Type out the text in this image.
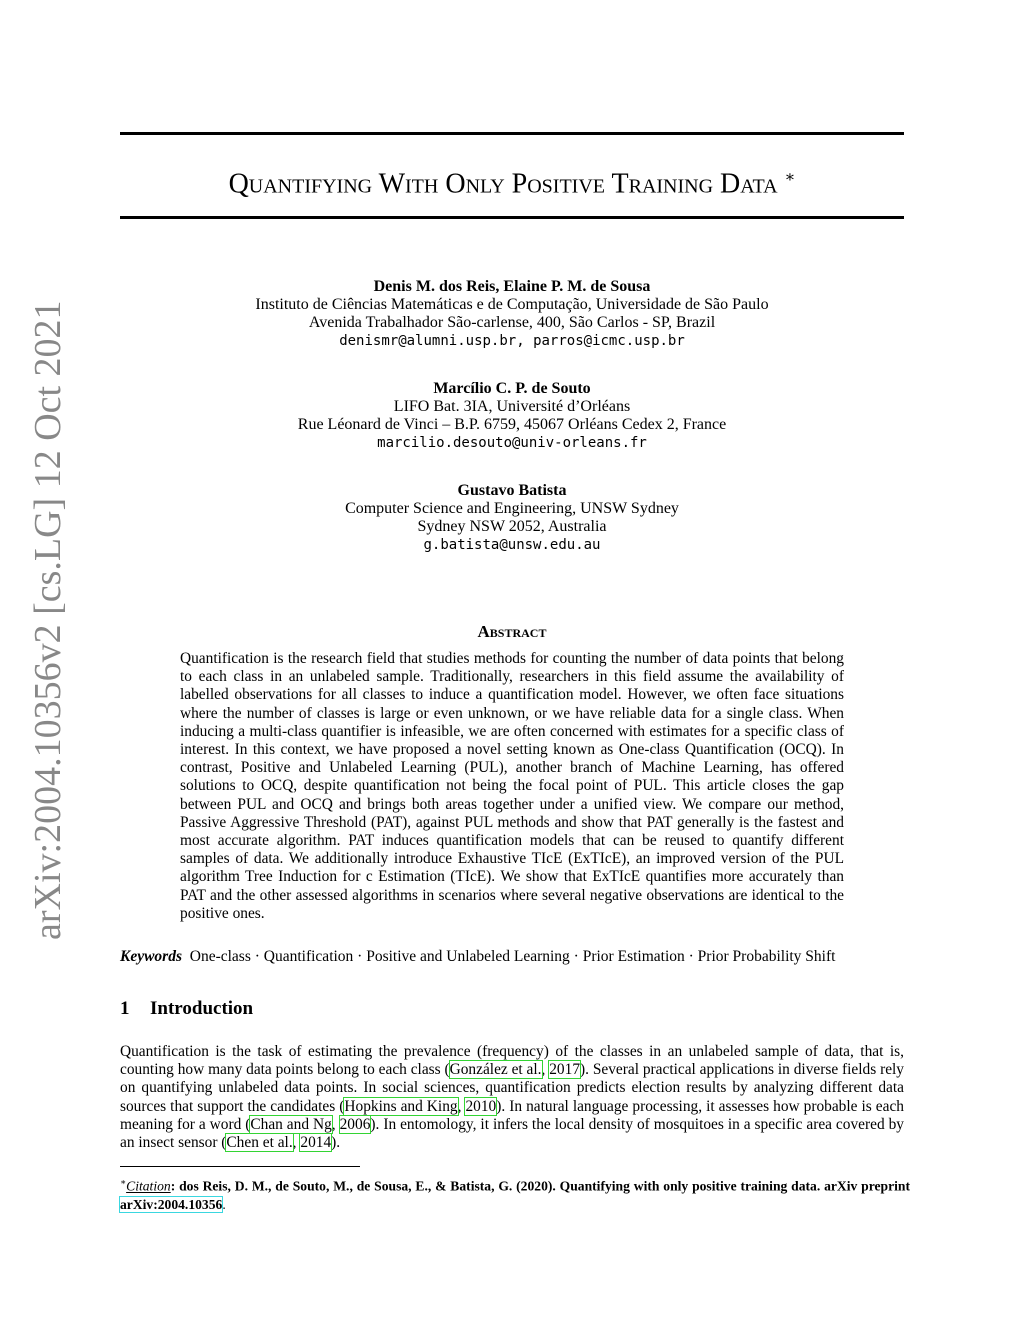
arXiv:2004.10356v2 [cs.LG] 12 Oct 2021
Quantifying With Only Positive Training Data ∗
Denis M. dos Reis, Elaine P. M. de Sousa
Instituto de Ciências Matemáticas e de Computação, Universidade de São Paulo
Avenida Trabalhador São-carlense, 400, São Carlos - SP, Brazil
denismr@alumni.usp.br, parros@icmc.usp.br
Marcílio C. P. de Souto
LIFO Bat. 3IA, Université d’Orléans
Rue Léonard de Vinci – B.P. 6759, 45067 Orléans Cedex 2, France
marcilio.desouto@univ-orleans.fr
Gustavo Batista
Computer Science and Engineering, UNSW Sydney
Sydney NSW 2052, Australia
g.batista@unsw.edu.au
Abstract
Quantification is the research field that studies methods for counting the number of data points that belong to each class in an unlabeled sample. Traditionally, researchers in this field assume the availability of labelled observations for all classes to induce a quantification model. However, we often face situations where the number of classes is large or even unknown, or we have reliable data for a single class. When inducing a multi-class quantifier is infeasible, we are often concerned with estimates for a specific class of interest. In this context, we have proposed a novel setting known as One-class Quantification (OCQ). In contrast, Positive and Unlabeled Learning (PUL), another branch of Machine Learning, has offered solutions to OCQ, despite quantification not being the focal point of PUL. This article closes the gap between PUL and OCQ and brings both areas together under a unified view. We compare our method, Passive Aggressive Threshold (PAT), against PUL methods and show that PAT generally is the fastest and most accurate algorithm. PAT induces quantification models that can be reused to quantify different samples of data. We additionally introduce Exhaustive TIcE (ExTIcE), an improved version of the PUL algorithm Tree Induction for c Estimation (TIcE). We show that ExTIcE quantifies more accurately than PAT and the other assessed algorithms in scenarios where several negative observations are identical to the positive ones.
Keywords One-class · Quantification · Positive and Unlabeled Learning · Prior Estimation · Prior Probability Shift
1 Introduction
Quantification is the task of estimating the prevalence (frequency) of the classes in an unlabeled sample of data, that is, counting how many data points belong to each class (González et al., 2017). Several practical applications in diverse fields rely on quantifying unlabeled data points. In social sciences, quantification predicts election results by analyzing different data sources that support the candidates (Hopkins and King, 2010). In natural language processing, it assesses how probable is each meaning for a word (Chan and Ng, 2006). In entomology, it infers the local density of mosquitoes in a specific area covered by an insect sensor (Chen et al., 2014).
∗Citation: dos Reis, D. M., de Souto, M., de Sousa, E., & Batista, G. (2020). Quantifying with only positive training data. arXiv preprint arXiv:2004.10356.
